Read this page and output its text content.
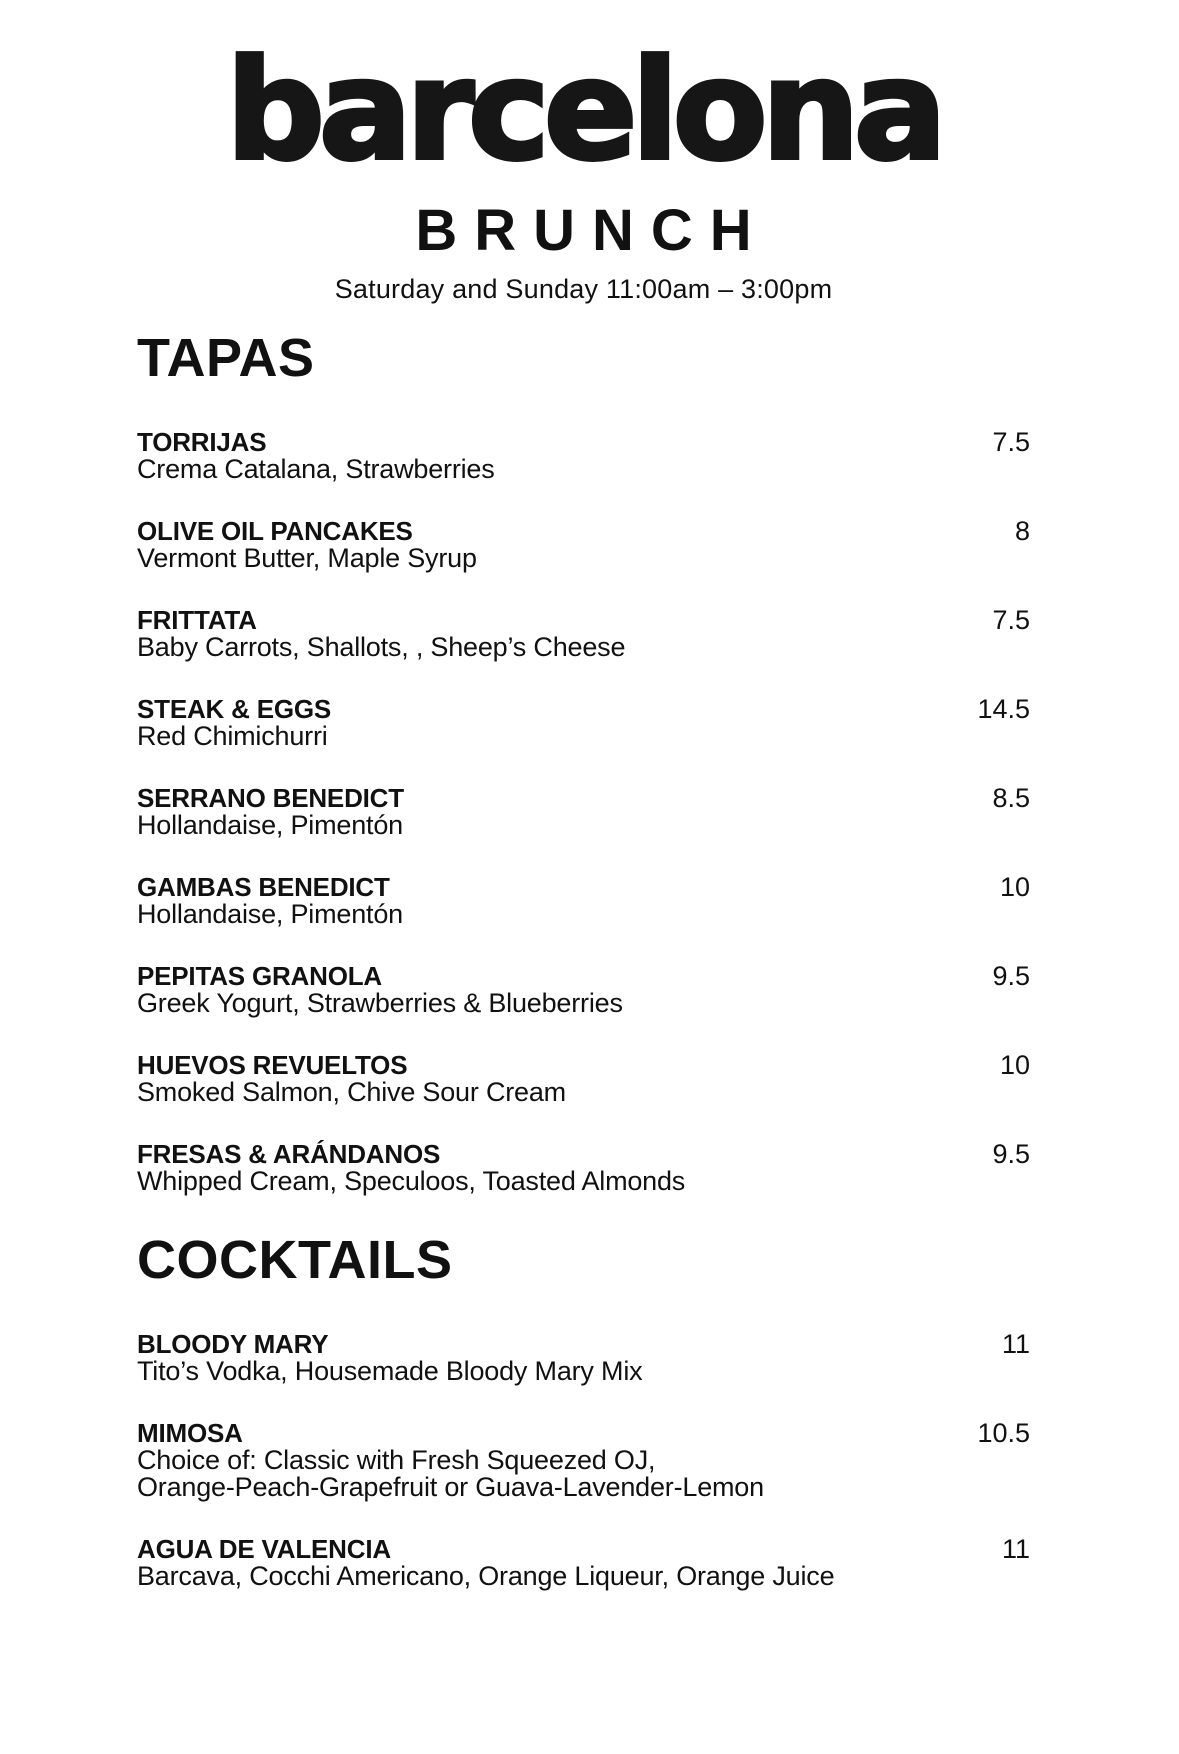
barcelona
BRUNCH
Saturday and Sunday 11:00am – 3:00pm
TAPAS
TORRIJAS	7.5
Crema Catalana, Strawberries
OLIVE OIL PANCAKES	8
Vermont Butter, Maple Syrup
FRITTATA	7.5
Baby Carrots, Shallots, , Sheep’s Cheese
STEAK & EGGS	14.5
Red Chimichurri
SERRANO BENEDICT	8.5
Hollandaise, Pimentón
GAMBAS BENEDICT	10
Hollandaise, Pimentón
PEPITAS GRANOLA	9.5
Greek Yogurt, Strawberries & Blueberries
HUEVOS REVUELTOS	10
Smoked Salmon, Chive Sour Cream
FRESAS & ARÁNDANOS	9.5
Whipped Cream, Speculoos, Toasted Almonds
COCKTAILS
BLOODY MARY	11
Tito’s Vodka, Housemade Bloody Mary Mix
MIMOSA	10.5
Choice of: Classic with Fresh Squeezed OJ,
Orange-Peach-Grapefruit or Guava-Lavender-Lemon
AGUA DE VALENCIA	11
Barcava, Cocchi Americano, Orange Liqueur, Orange Juice
